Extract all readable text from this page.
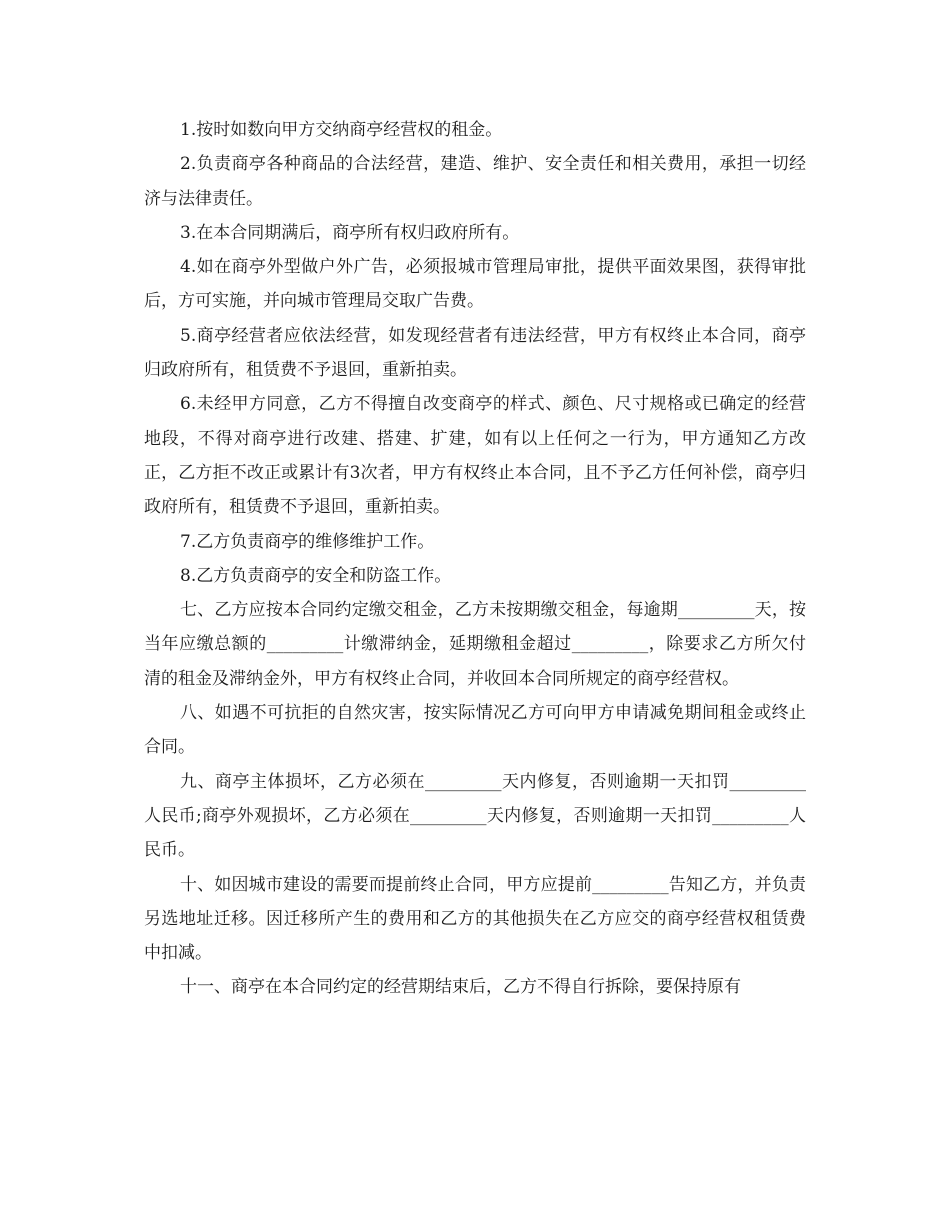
1.按时如数向甲方交纳商亭经营权的租金。

2.负责商亭各种商品的合法经营，建造、维护、安全责任和相关费用，承担一切经济与法律责任。

3.在本合同期满后，商亭所有权归政府所有。

4.如在商亭外型做户外广告，必须报城市管理局审批，提供平面效果图，获得审批后，方可实施，并向城市管理局交取广告费。

5.商亭经营者应依法经营，如发现经营者有违法经营，甲方有权终止本合同，商亭归政府所有，租赁费不予退回，重新拍卖。

6.未经甲方同意，乙方不得擅自改变商亭的样式、颜色、尺寸规格或已确定的经营地段，不得对商亭进行改建、搭建、扩建，如有以上任何之一行为，甲方通知乙方改正，乙方拒不改正或累计有3次者，甲方有权终止本合同，且不予乙方任何补偿，商亭归政府所有，租赁费不予退回，重新拍卖。

7.乙方负责商亭的维修维护工作。

8.乙方负责商亭的安全和防盗工作。

七、乙方应按本合同约定缴交租金，乙方未按期缴交租金，每逾期_________天，按当年应缴总额的_________计缴滞纳金，延期缴租金超过_________，除要求乙方所欠付清的租金及滞纳金外，甲方有权终止合同，并收回本合同所规定的商亭经营权。

八、如遇不可抗拒的自然灾害，按实际情况乙方可向甲方申请减免期间租金或终止合同。

九、商亭主体损坏，乙方必须在_________天内修复，否则逾期一天扣罚_________人民币;商亭外观损坏，乙方必须在_________天内修复，否则逾期一天扣罚_________人民币。

十、如因城市建设的需要而提前终止合同，甲方应提前_________告知乙方，并负责另选地址迁移。因迁移所产生的费用和乙方的其他损失在乙方应交的商亭经营权租赁费中扣减。

十一、商亭在本合同约定的经营期结束后，乙方不得自行拆除，要保持原有
